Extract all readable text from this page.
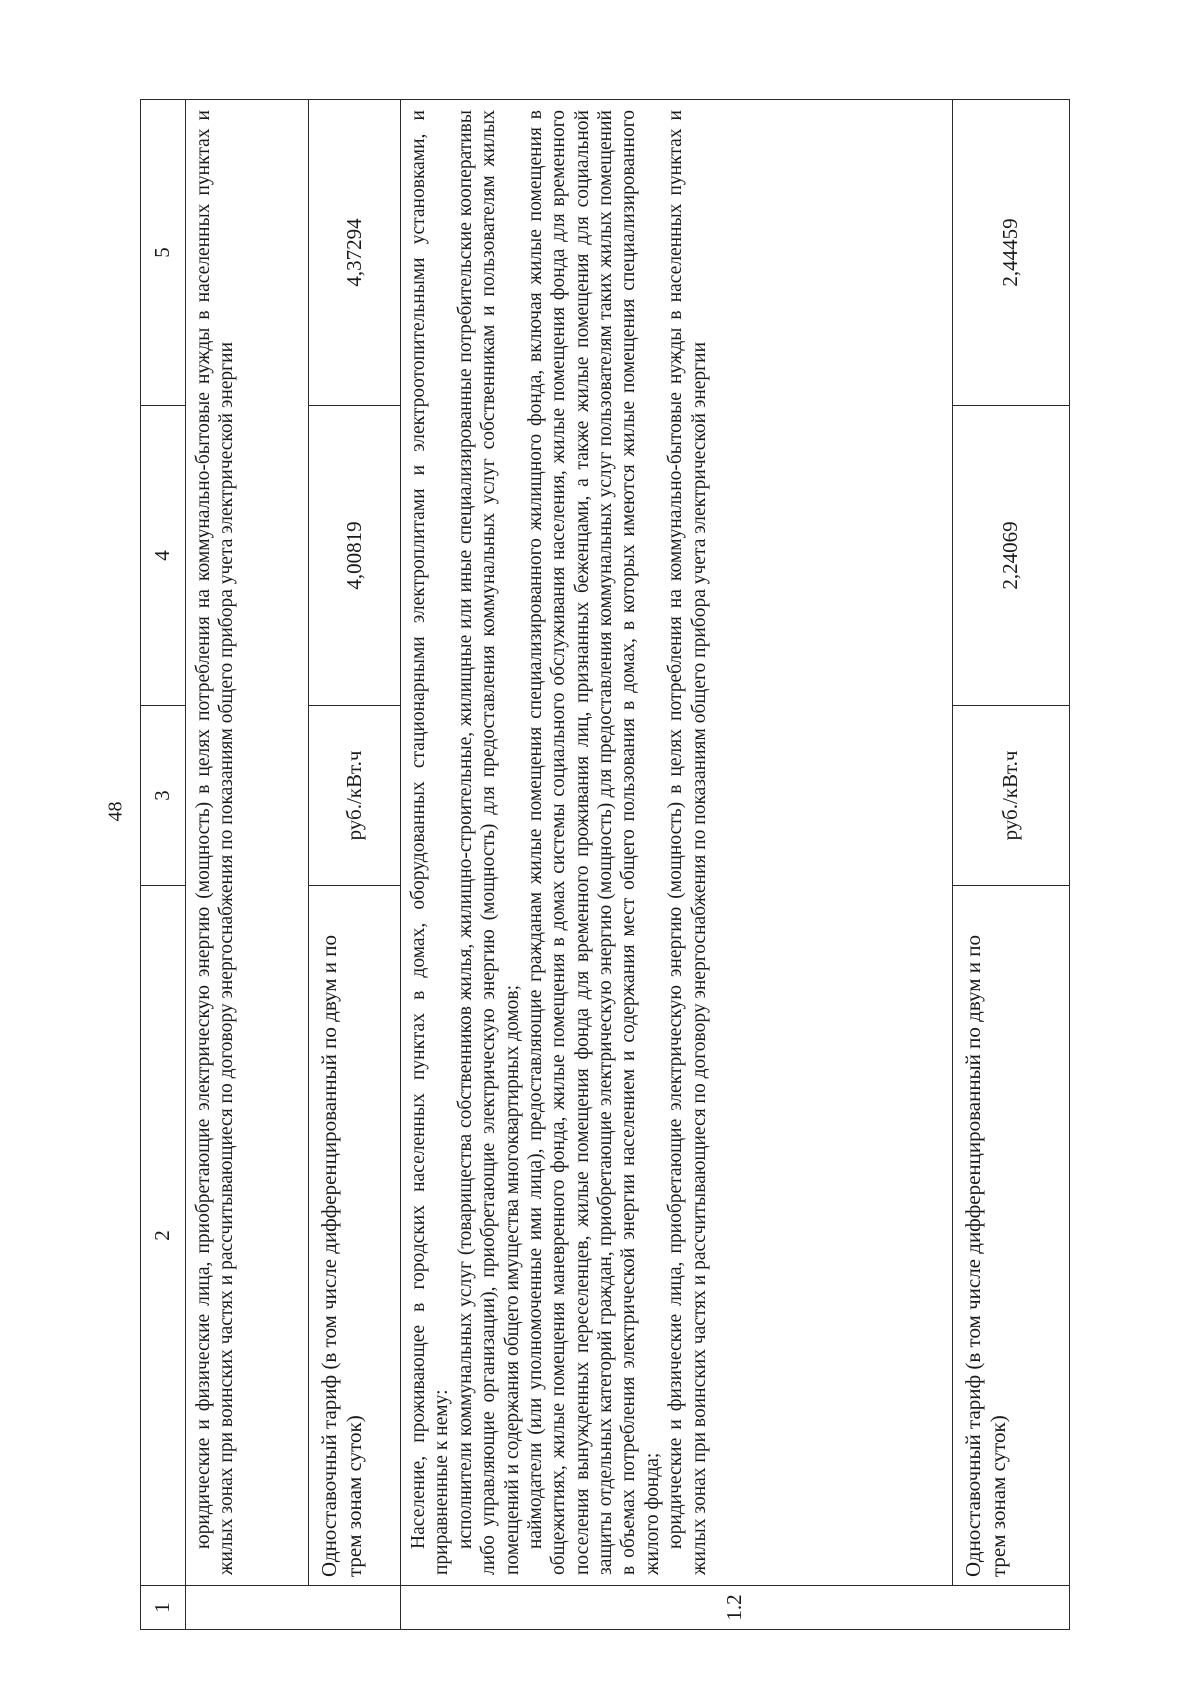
48
1	2	3	4	5

	юридические и физические лица, приобретающие электрическую энергию (мощность) в целях потребления на коммунально-бытовые нужды в населенных пунктах и жилых зонах при воинских частях и рассчитывающиеся по договору энергоснабжения по показаниям общего прибора учета электрической энергии			

	Одноставочный тариф (в том числе дифференцированный по двум и по трем зонам суток)	руб./кВт.ч	4,00819	4,37294
1.2	Население, проживающее в городских населенных пунктах в домах, оборудованных стационарными электроплитами и электроотопительными установками, и приравненные к нему: исполнители коммунальных услуг (товарищества собственников жилья, жилищно-строительные, жилищные или иные специализированные потребительские кооперативы либо управляющие организации), приобретающие электрическую энергию (мощность) для предоставления коммунальных услуг собственникам и пользователям жилых помещений и содержания общего имущества многоквартирных домов; наймодатели (или уполномоченные ими лица), предоставляющие гражданам жилые помещения специализированного жилищного фонда, включая жилые помещения в общежитиях, жилые помещения маневренного фонда, жилые помещения в домах системы социального обслуживания населения, жилые помещения фонда для временного поселения вынужденных переселенцев, жилые помещения фонда для временного проживания лиц, признанных беженцами, а также жилые помещения для социальной защиты отдельных категорий граждан, приобретающие электрическую энергию (мощность) для предоставления коммунальных услуг пользователям таких жилых помещений в объемах потребления электрической энергии населением и содержания мест общего пользования в домах, в которых имеются жилые помещения специализированного жилого фонда; юридические и физические лица, приобретающие электрическую энергию (мощность) в целях потребления на коммунально-бытовые нужды в населенных пунктах и жилых зонах при воинских частях и рассчитывающиеся по договору энергоснабжения по показаниям общего прибора учета электрической энергии			

	Одноставочный тариф (в том числе дифференцированный по двум и по трем зонам суток)	руб./кВт.ч	2,24069	2,44459
